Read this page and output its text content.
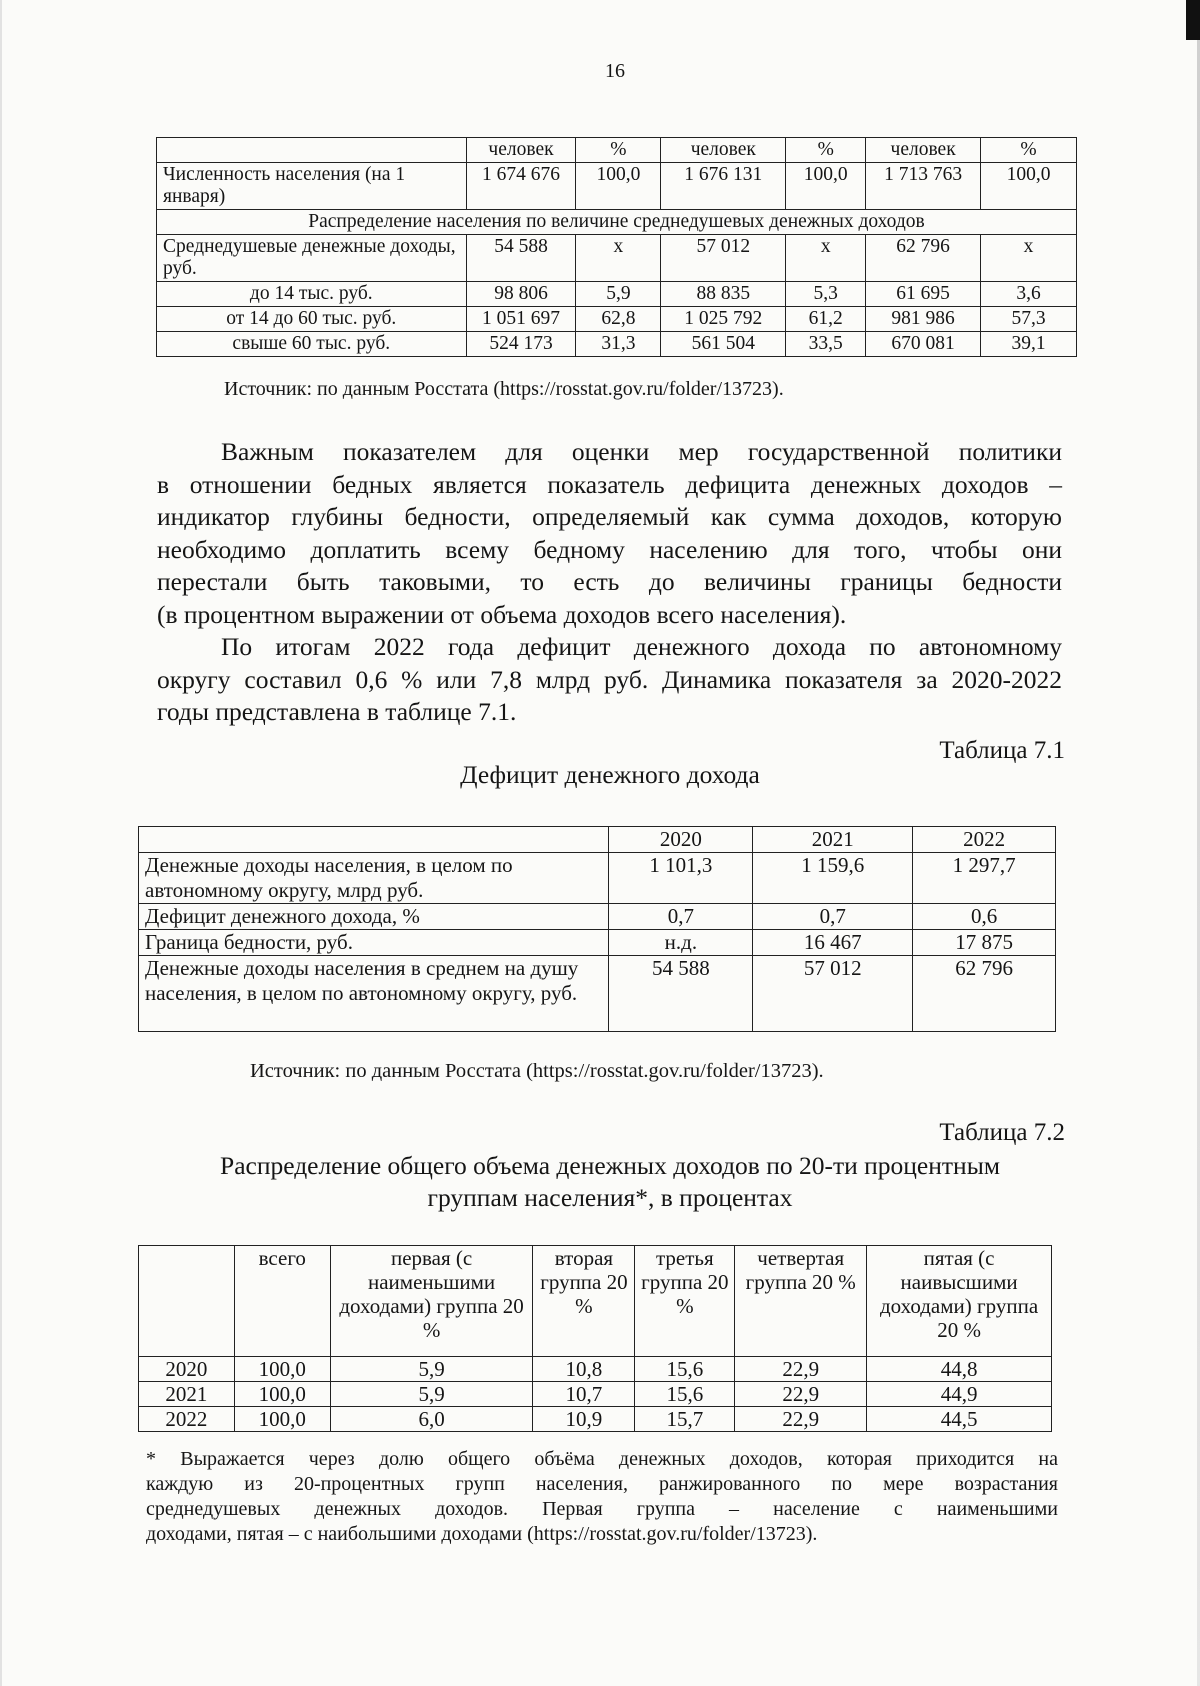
16
	человек	%	человек	%	человек	%
Численность населения (на 1 января)	1 674 676	100,0	1 676 131	100,0	1 713 763	100,0
Распределение населения по величине среднедушевых денежных доходов						
Среднедушевые денежные доходы, руб.	54 588	х	57 012	х	62 796	х
до 14 тыс. руб.	98 806	5,9	88 835	5,3	61 695	3,6
от 14 до 60 тыс. руб.	1 051 697	62,8	1 025 792	61,2	981 986	57,3
свыше 60 тыс. руб.	524 173	31,3	561 504	33,5	670 081	39,1
Источник: по данным Росстата (https://rosstat.gov.ru/folder/13723).

Важным показателем для оценки мер государственной политики

в отношении бедных является показатель дефицита денежных доходов –

индикатор глубины бедности, определяемый как сумма доходов, которую

необходимо доплатить всему бедному населению для того, чтобы они

перестали быть таковыми, то есть до величины границы бедности

(в процентном выражении от объема доходов всего населения).

По итогам 2022 года дефицит денежного дохода по автономному

округу составил 0,6 % или 7,8 млрд руб. Динамика показателя за 2020-2022

годы представлена в таблице 7.1.

Таблица 7.1
Дефицит денежного дохода
	2020	2021	2022
Денежные доходы населения, в целом по автономному округу, млрд руб.	1 101,3	1 159,6	1 297,7
Дефицит денежного дохода, %	0,7	0,7	0,6
Граница бедности, руб.	н.д.	16 467	17 875
Денежные доходы населения в среднем на душу населения, в целом по автономному округу, руб.	54 588	57 012	62 796
Источник: по данным Росстата (https://rosstat.gov.ru/folder/13723).
Таблица 7.2
Распределение общего объема денежных доходов по 20-ти процентным
группам населения*, в процентах
	всего	первая (с наименьшими доходами) группа 20 %	вторая группа 20 %	третья группа 20 %	четвертая группа 20 %	пятая (с наивысшими доходами) группа 20 %
2020	100,0	5,9	10,8	15,6	22,9	44,8
2021	100,0	5,9	10,7	15,6	22,9	44,9
2022	100,0	6,0	10,9	15,7	22,9	44,5

* Выражается через долю общего объёма денежных доходов, которая приходится на

каждую из 20-процентных групп населения, ранжированного по мере возрастания

среднедушевых денежных доходов. Первая группа – население с наименьшими

доходами, пятая – с наибольшими доходами (https://rosstat.gov.ru/folder/13723).
